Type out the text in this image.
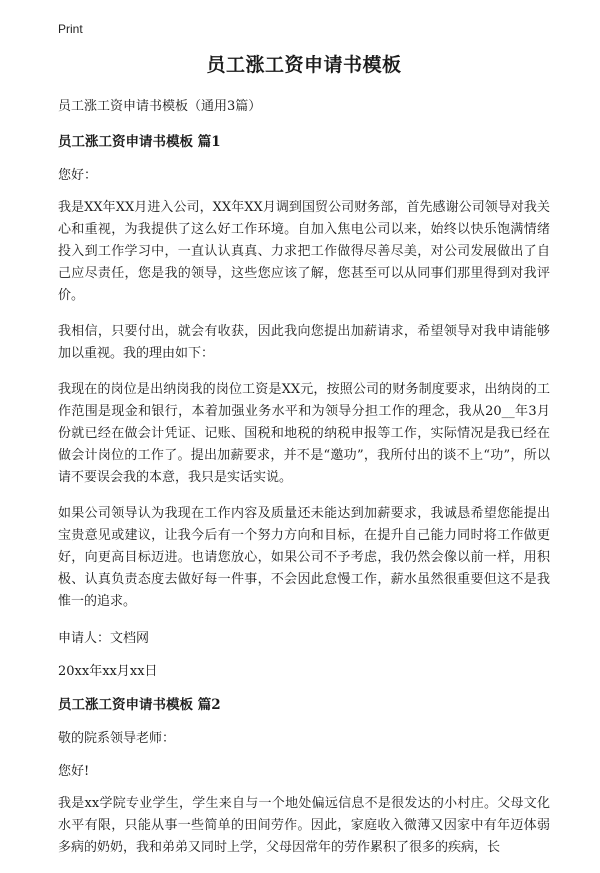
Print
员工涨工资申请书模板
员工涨工资申请书模板（通用3篇）
员工涨工资申请书模板 篇1
您好：

我是XX年XX月进入公司，XX年XX月调到国贸公司财务部，首先感谢公司领导对我关心和重视，为我提供了这么好工作环境。自加入焦电公司以来，始终以快乐饱满情绪投入到工作学习中，一直认认真真、力求把工作做得尽善尽美，对公司发展做出了自己应尽责任，您是我的领导，这些您应该了解，您甚至可以从同事们那里得到对我评价。

我相信，只要付出，就会有收获，因此我向您提出加薪请求，希望领导对我申请能够加以重视。我的理由如下：

我现在的岗位是出纳岗我的岗位工资是XX元，按照公司的财务制度要求，出纳岗的工作范围是现金和银行，本着加强业务水平和为领导分担工作的理念，我从20__年3月份就已经在做会计凭证、记账、国税和地税的纳税申报等工作，实际情况是我已经在做会计岗位的工作了。提出加薪要求，并不是“邀功”，我所付出的谈不上“功”，所以请不要误会我的本意，我只是实话实说。

如果公司领导认为我现在工作内容及质量还未能达到加薪要求，我诚恳希望您能提出宝贵意见或建议，让我今后有一个努力方向和目标，在提升自己能力同时将工作做更好，向更高目标迈进。也请您放心，如果公司不予考虑，我仍然会像以前一样，用积极、认真负责态度去做好每一件事，不会因此怠慢工作，薪水虽然很重要但这不是我惟一的追求。

申请人：文档网
20xx年xx月xx日
员工涨工资申请书模板 篇2
敬的院系领导老师：
您好!

我是xx学院专业学生，学生来自与一个地处偏远信息不是很发达的小村庄。父母文化水平有限，只能从事一些简单的田间劳作。因此，家庭收入微薄又因家中有年迈体弱多病的奶奶，我和弟弟又同时上学，父母因常年的劳作累积了很多的疾病，长
